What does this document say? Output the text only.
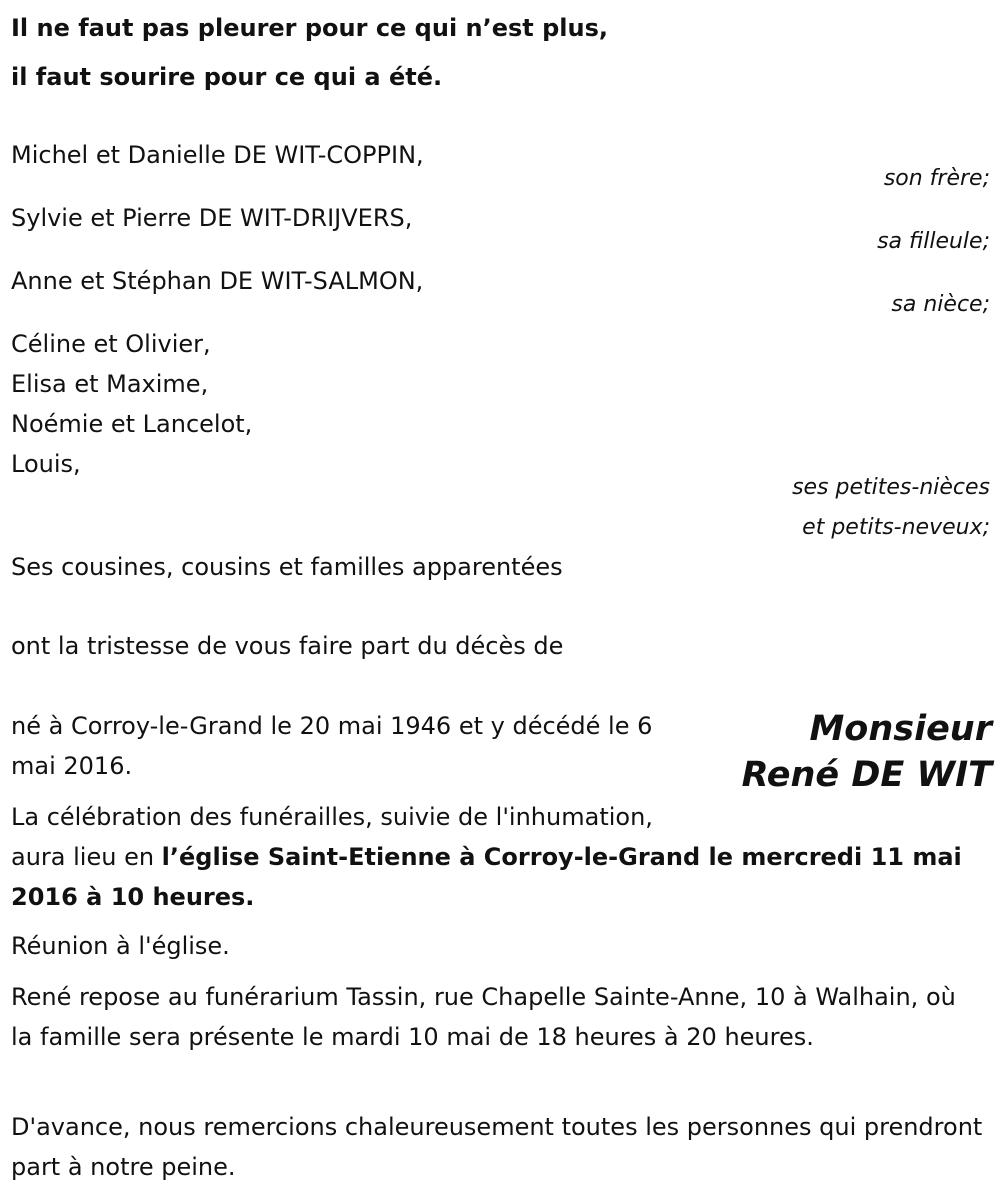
Il ne faut pas pleurer pour ce qui n’est plus,
il faut sourire pour ce qui a été.
Michel et Danielle DE WIT-COPPIN,
son frère;
Sylvie et Pierre DE WIT-DRIJVERS,
sa filleule;
Anne et Stéphan DE WIT-SALMON,
sa nièce;
Céline et Olivier,
Elisa et Maxime,
Noémie et Lancelot,
Louis,
ses petites-nièces
et petits-neveux;
Ses cousines, cousins et familles apparentées
ont la tristesse de vous faire part du décès de
Monsieur
René DE WIT
né à Corroy-le-Grand le 20 mai 1946 et y décédé le 6
mai 2016.
La célébration des funérailles, suivie de l'inhumation,
aura lieu en l’église Saint-Etienne à Corroy-le-Grand le mercredi 11 mai 2016 à 10 heures.
Réunion à l'église.
René repose au funérarium Tassin, rue Chapelle Sainte-Anne, 10 à Walhain, où la famille sera présente le mardi 10 mai de 18 heures à 20 heures.
D'avance, nous remercions chaleureusement toutes les personnes qui prendront part à notre peine.
